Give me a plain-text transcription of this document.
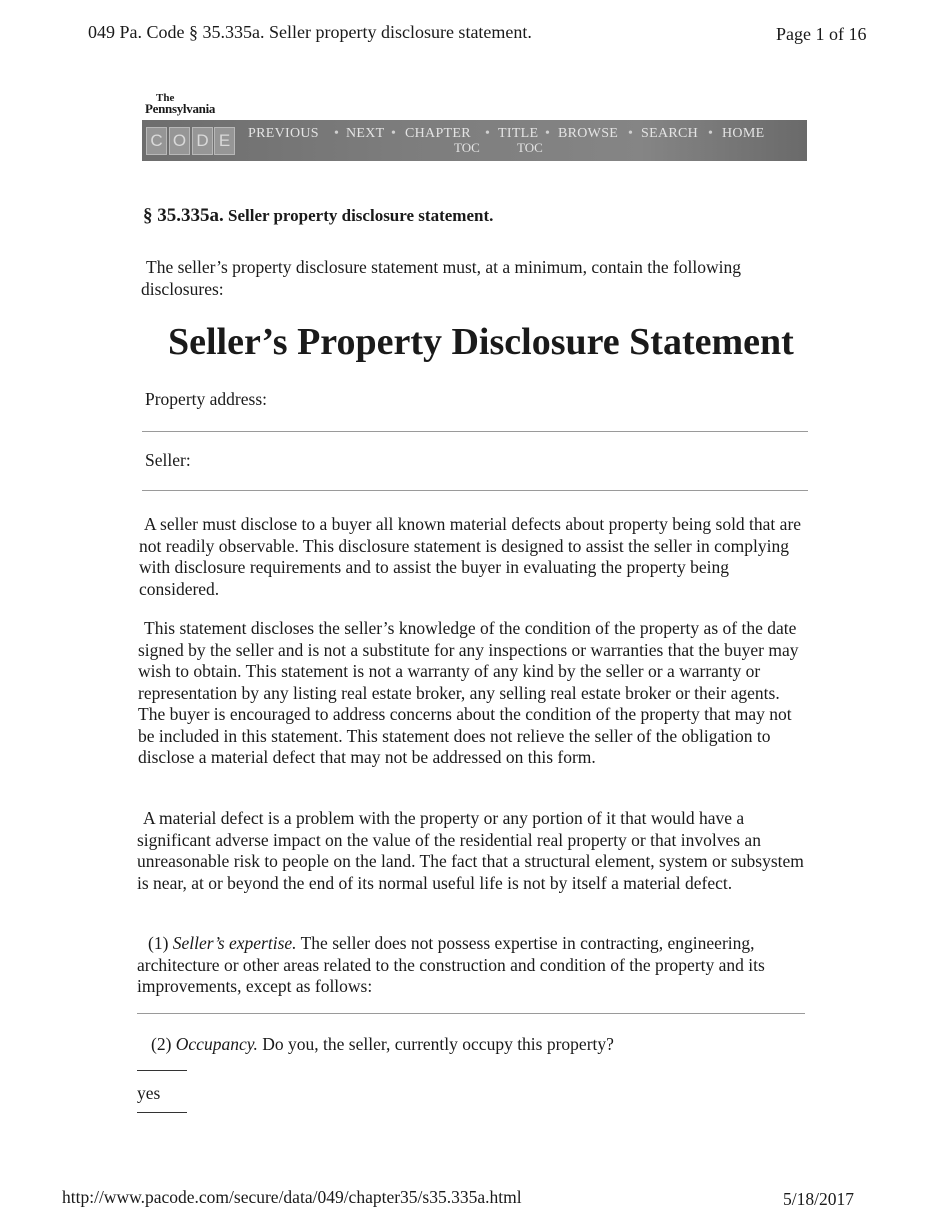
049 Pa. Code § 35.335a. Seller property disclosure statement.	Page 1 of 16
The
Pennsylvania
C O D E	PREVIOUS • NEXT • CHAPTER
TOC
• TITLE
TOC
• BROWSE • SEARCH • HOME
§ 35.335a. Seller property disclosure statement.
The seller’s property disclosure statement must, at a minimum, contain the following disclosures:
Seller’s Property Disclosure Statement
Property address:
Seller:
A seller must disclose to a buyer all known material defects about property being sold that are not readily observable. This disclosure statement is designed to assist the seller in complying with disclosure requirements and to assist the buyer in evaluating the property being considered.
This statement discloses the seller’s knowledge of the condition of the property as of the date signed by the seller and is not a substitute for any inspections or warranties that the buyer may wish to obtain. This statement is not a warranty of any kind by the seller or a warranty or representation by any listing real estate broker, any selling real estate broker or their agents. The buyer is encouraged to address concerns about the condition of the property that may not be included in this statement. This statement does not relieve the seller of the obligation to disclose a material defect that may not be addressed on this form.
A material defect is a problem with the property or any portion of it that would have a significant adverse impact on the value of the residential real property or that involves an unreasonable risk to people on the land. The fact that a structural element, system or subsystem is near, at or beyond the end of its normal useful life is not by itself a material defect.
(1) Seller’s expertise. The seller does not possess expertise in contracting, engineering, architecture or other areas related to the construction and condition of the property and its improvements, except as follows:
(2) Occupancy. Do you, the seller, currently occupy this property?
yes
http://www.pacode.com/secure/data/049/chapter35/s35.335a.html	5/18/2017
